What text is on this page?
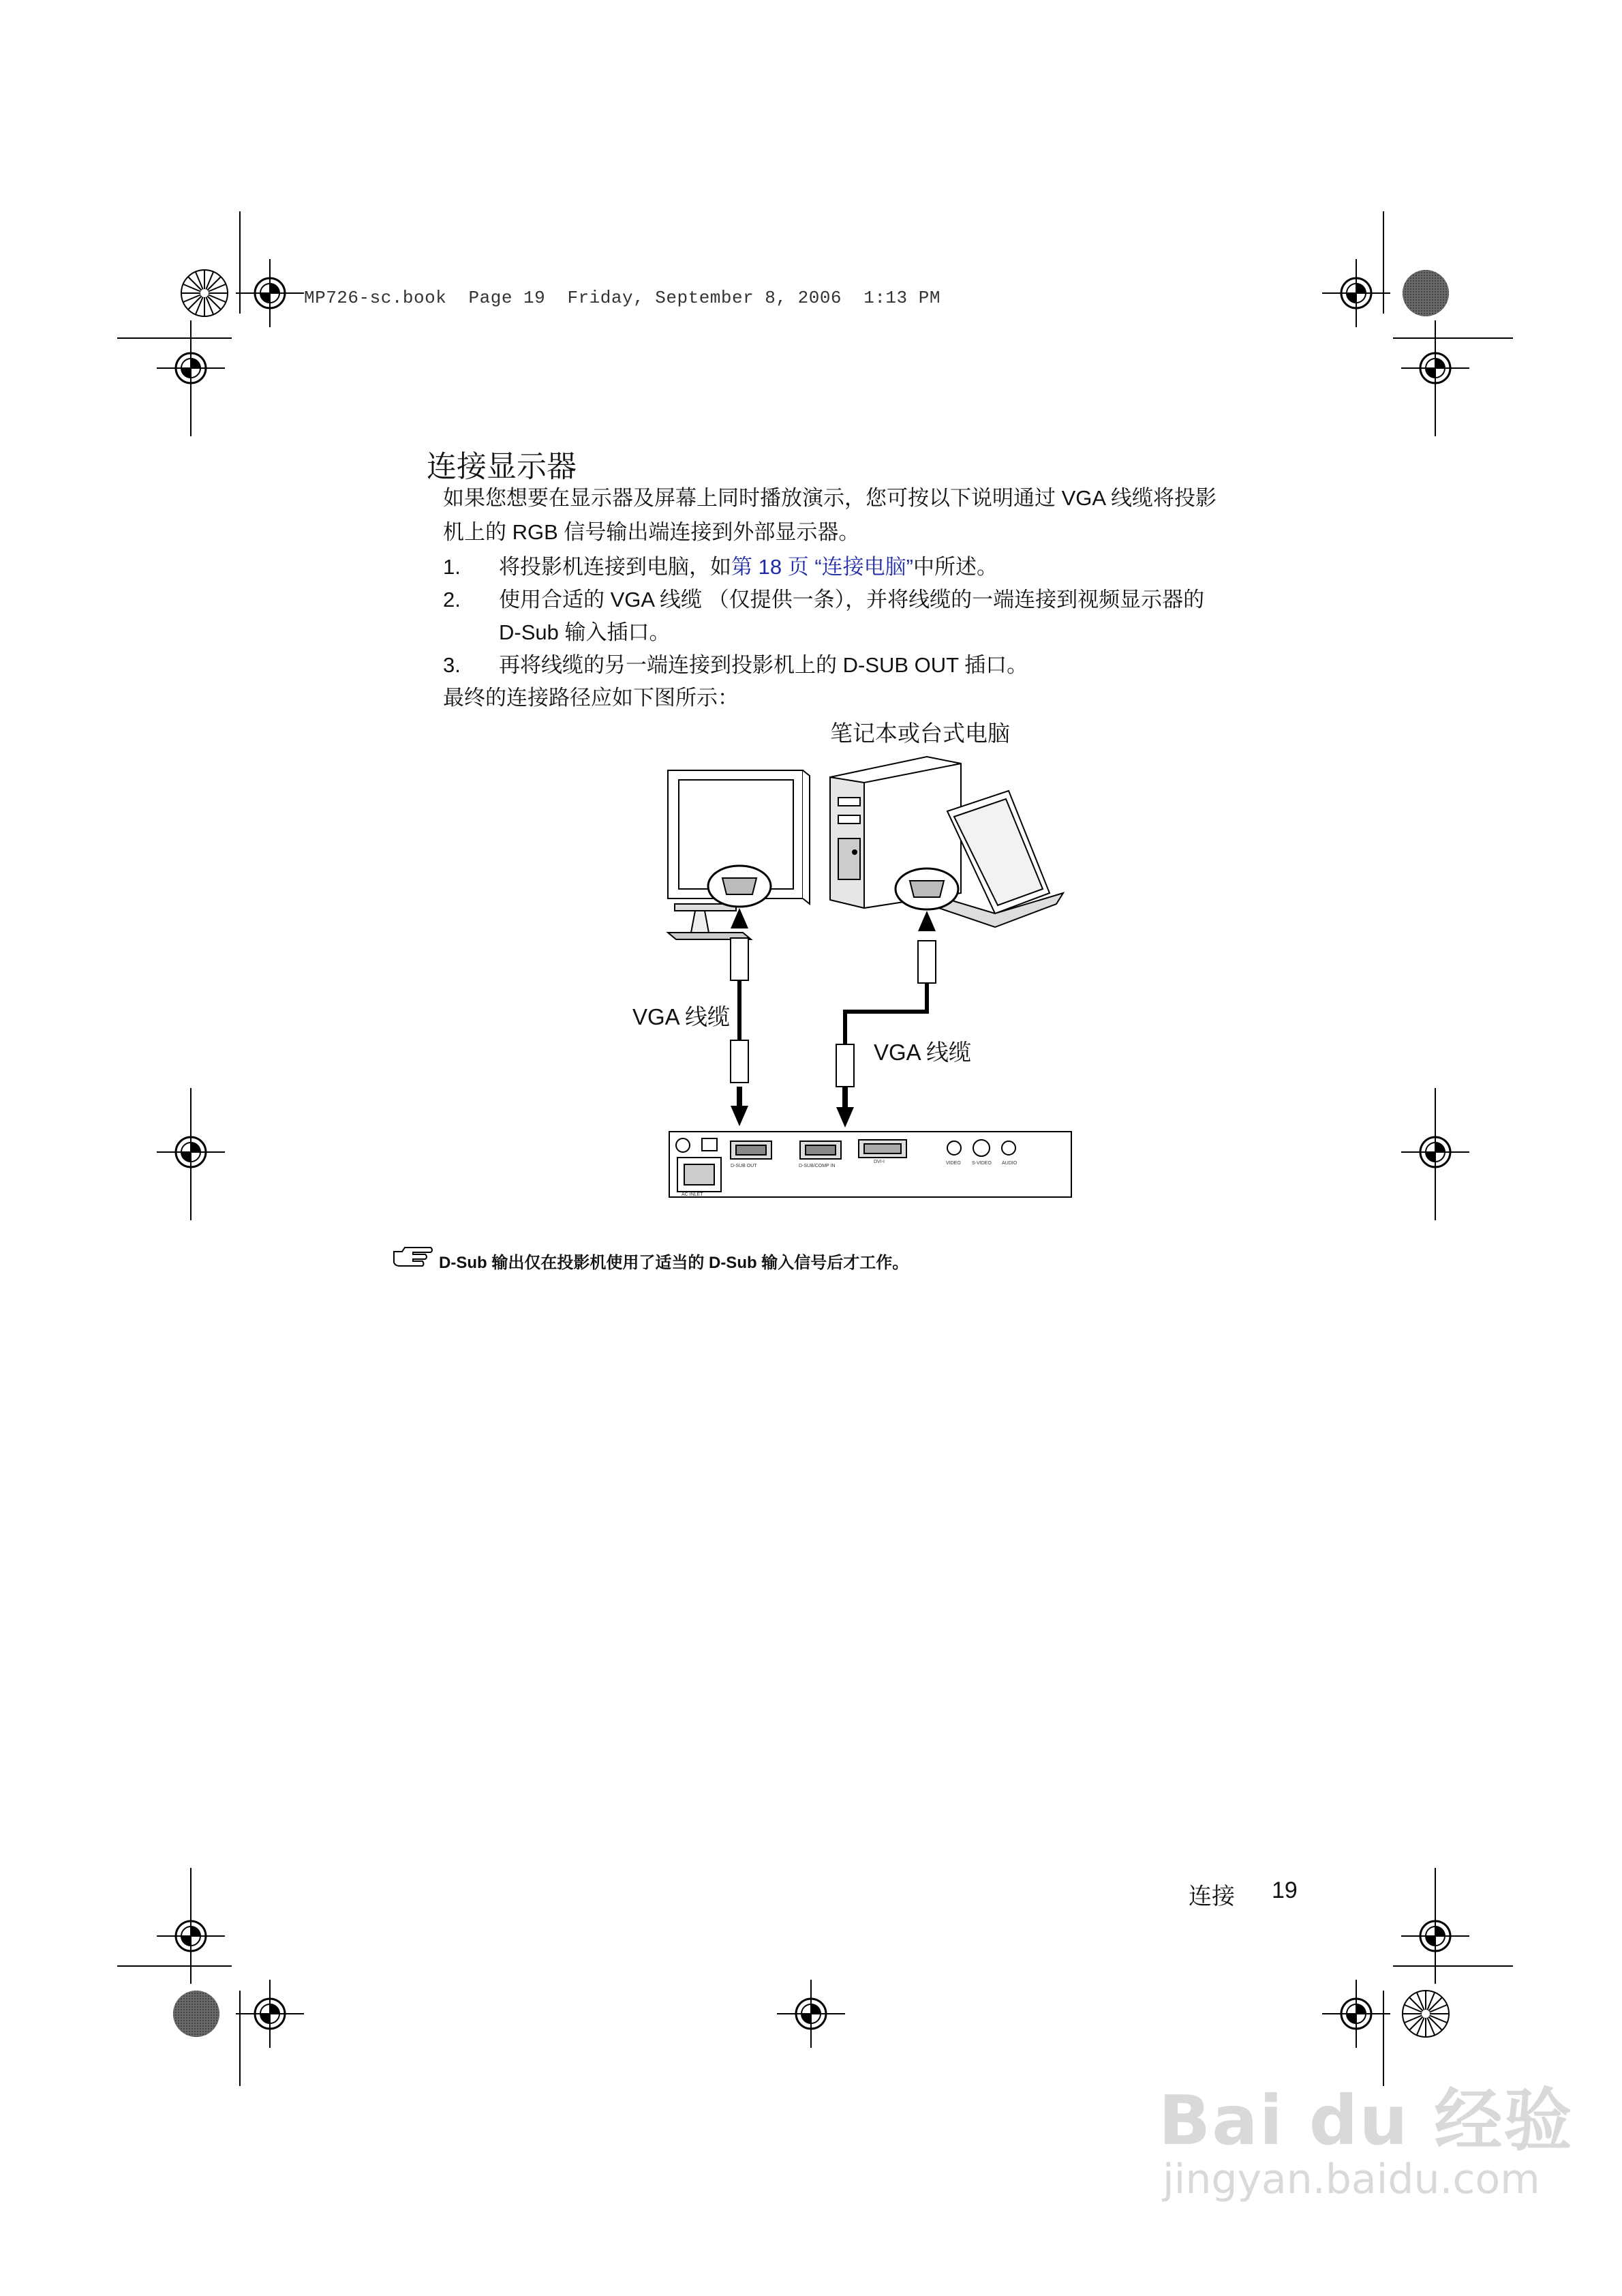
MP726-sc.book  Page 19  Friday, September 8, 2006  1:13 PM
连接显示器
如果您想要在显示器及屏幕上同时播放演示，您可按以下说明通过 VGA 线缆将投影
机上的 RGB 信号输出端连接到外部显示器。
1. 将投影机连接到电脑，如第 18 页 “连接电脑”中所述。
2. 使用合适的 VGA 线缆 （仅提供一条），并将线缆的一端连接到视频显示器的
D-Sub 输入插口。
3. 再将线缆的另一端连接到投影机上的 D-SUB OUT 插口。
最终的连接路径应如下图所示：
笔记本或台式电脑
VGA 线缆
VGA 线缆
D-SUB OUT	D-SUB/COMP IN
DVI-I	VIDEO S-VIDEO AUDIO
AC INLET
D-Sub 输出仅在投影机使用了适当的 D-Sub 输入信号后才工作。
连接 19
Bai du 经验
jingyan.baidu.com
